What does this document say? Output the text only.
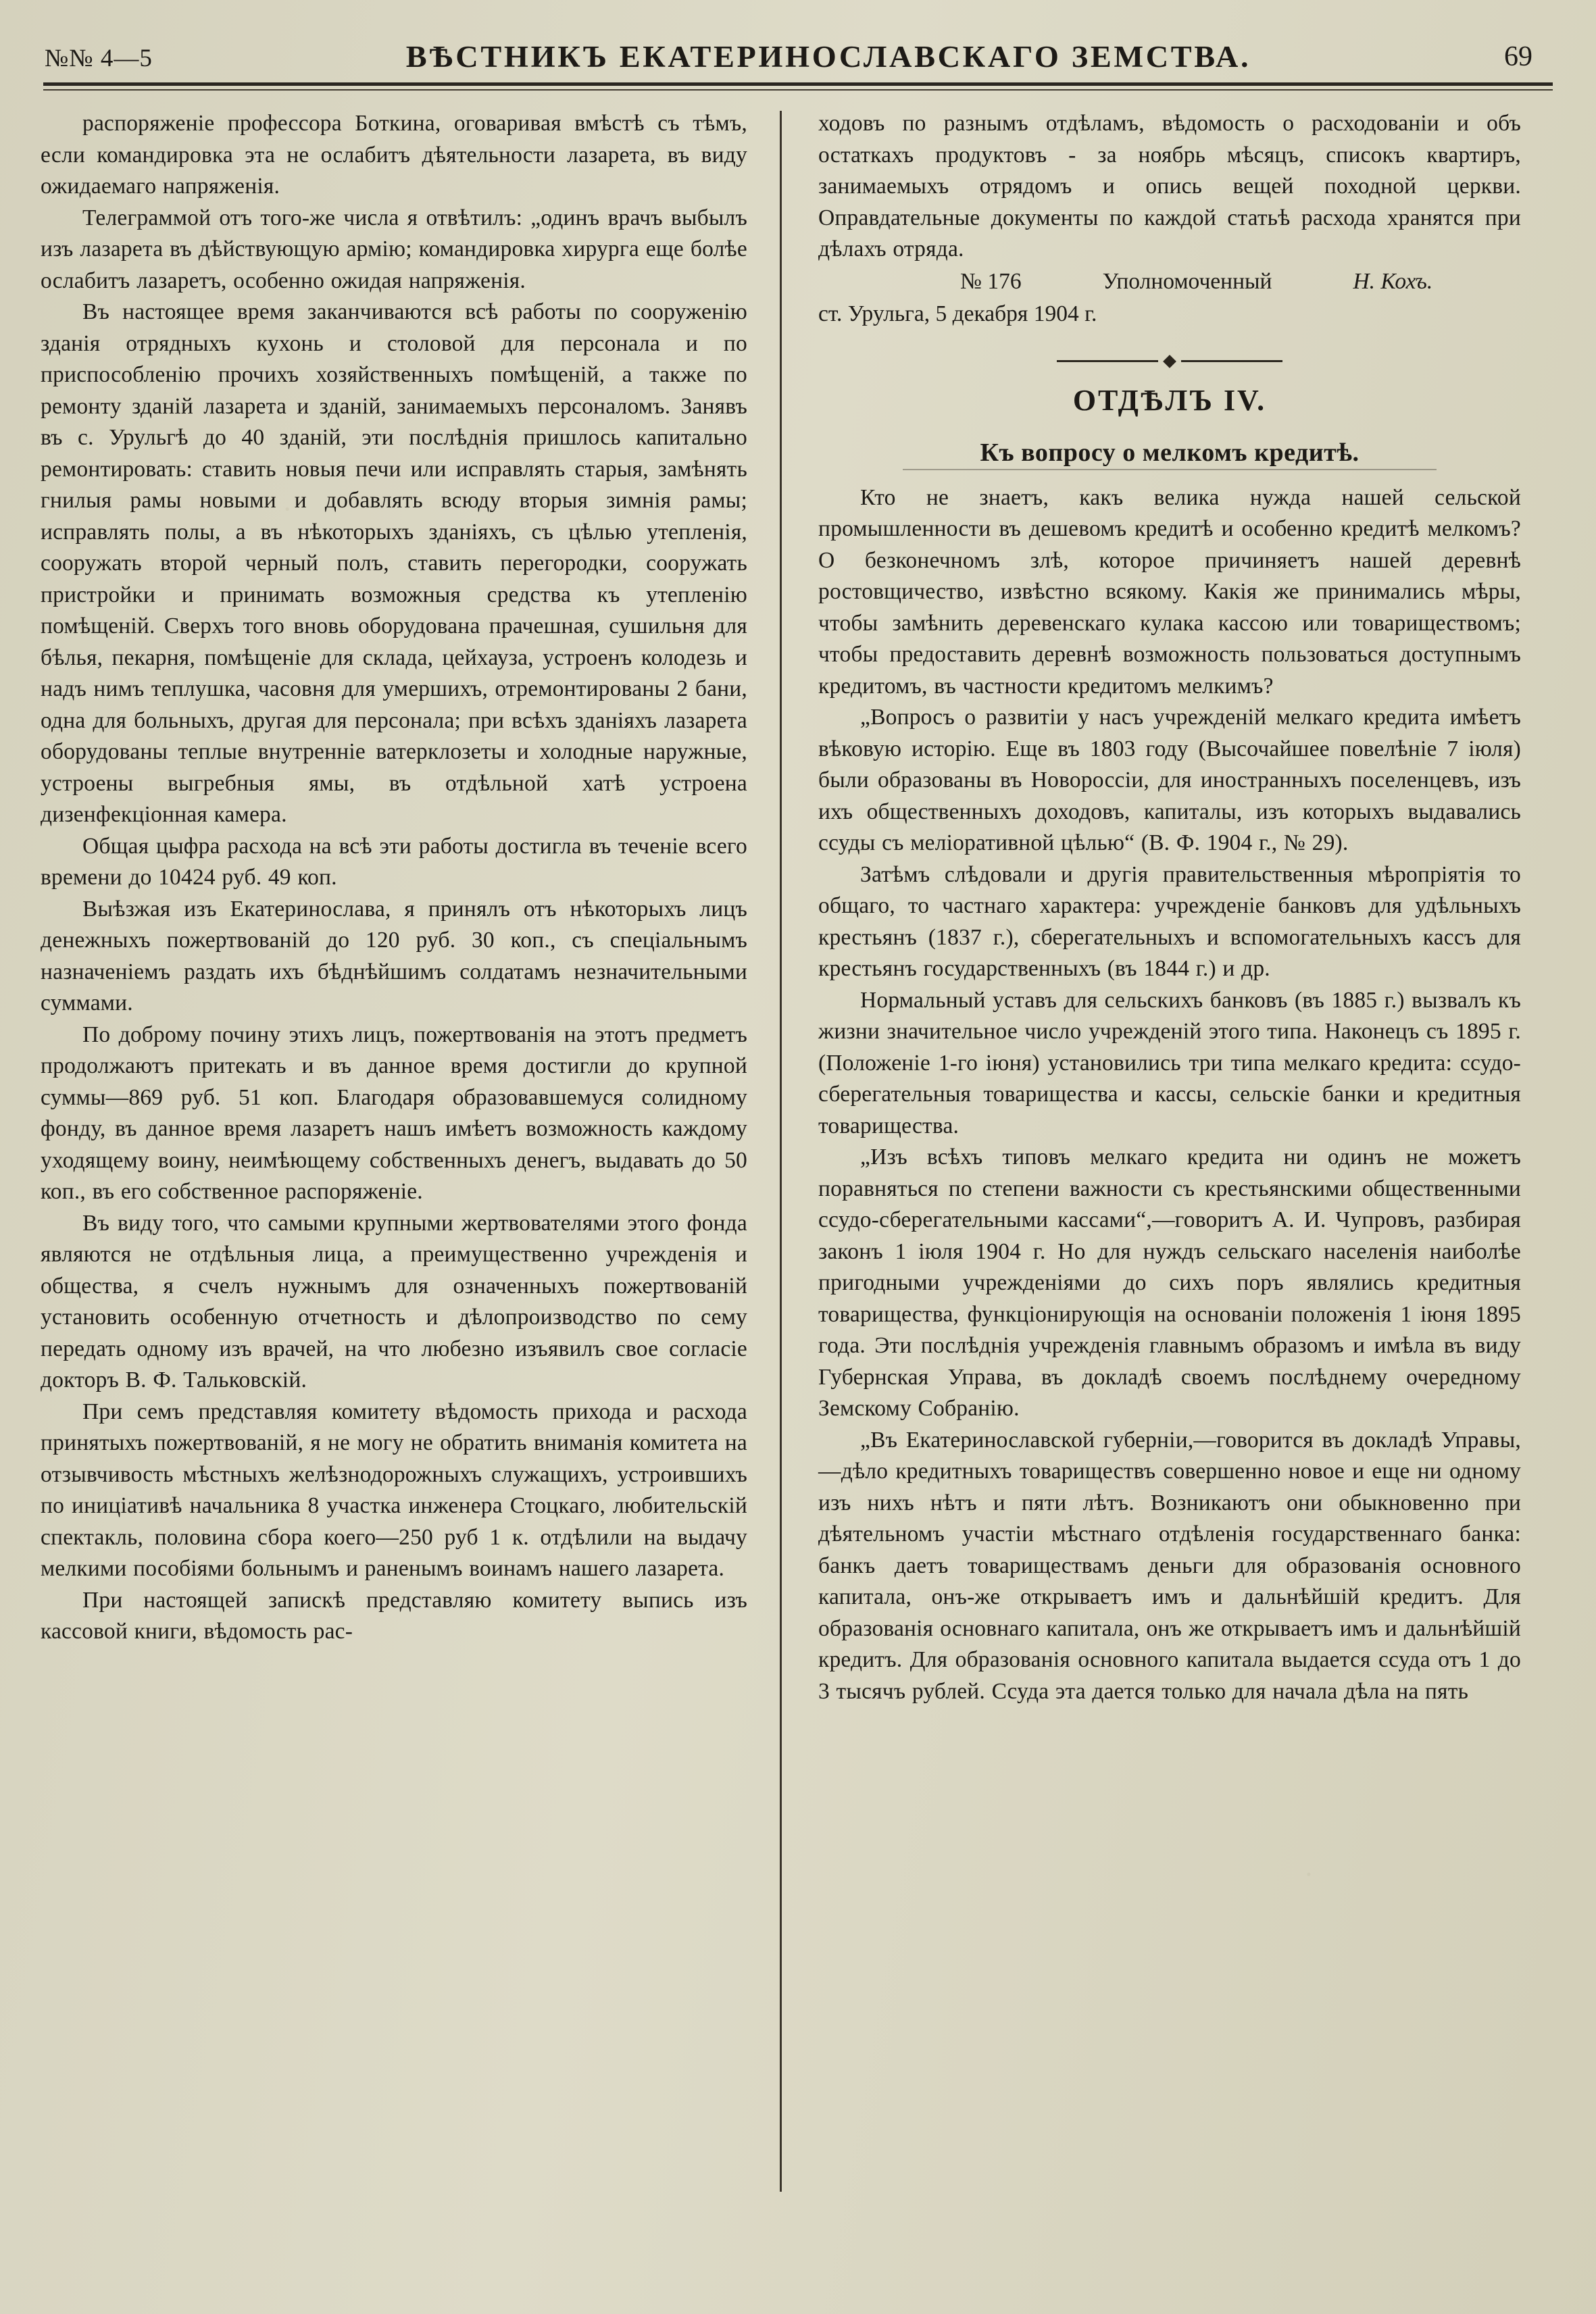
№№ 4—5	ВѢСТНИКЪ ЕКАТЕРИНОСЛАВСКАГО ЗЕМСТВА.	69

распоряженіе профессора Боткина, оговаривая вмѣстѣ съ тѣмъ, если командировка эта не ослабитъ дѣятельности лазарета, въ виду ожидаемаго напряженія.

Телеграммой отъ того-же числа я отвѣтилъ: „одинъ врачъ выбылъ изъ лазарета въ дѣйствующую армію; командировка хирурга еще болѣе ослабитъ лазаретъ, особенно ожидая напряженія.

Въ настоящее время заканчиваются всѣ работы по сооруженію зданія отрядныхъ кухонь и столовой для персонала и по приспособленію прочихъ хозяйственныхъ помѣщеній, а также по ремонту зданій лазарета и зданій, занимаемыхъ персоналомъ. Занявъ въ с. Урульгѣ до 40 зданій, эти послѣднія пришлось капитально ремонтировать: ставить новыя печи или исправлять старыя, замѣнять гнилыя рамы новыми и добавлять всюду вторыя зимнія рамы; исправлять полы, а въ нѣкоторыхъ зданіяхъ, съ цѣлью утепленія, сооружать второй черный полъ, ставить перегородки, сооружать пристройки и принимать возможныя средства къ утепленію помѣщеній. Сверхъ того вновь оборудована прачешная, сушильня для бѣлья, пекарня, помѣщеніе для склада, цейхауза, устроенъ колодезь и надъ нимъ теплушка, часовня для умершихъ, отремонтированы 2 бани, одна для больныхъ, другая для персонала; при всѣхъ зданіяхъ лазарета оборудованы теплые внутренніе ватерклозеты и холодные наружные, устроены выгребныя ямы, въ отдѣльной хатѣ устроена дизенфекціонная камера.

Общая цыфра расхода на всѣ эти работы достигла въ теченіе всего времени до 10424 руб. 49 коп.

Выѣзжая изъ Екатеринослава, я принялъ отъ нѣкоторыхъ лицъ денежныхъ пожертвованій до 120 руб. 30 коп., съ спеціальнымъ назначеніемъ раздать ихъ бѣднѣйшимъ солдатамъ незначительными суммами.

По доброму почину этихъ лицъ, пожертвованія на этотъ предметъ продолжаютъ притекать и въ данное время достигли до крупной суммы—869 руб. 51 коп. Благодаря образовавшемуся солидному фонду, въ данное время лазаретъ нашъ имѣетъ возможность каждому уходящему воину, неимѣющему собственныхъ денегъ, выдавать до 50 коп., въ его собственное распоряженіе.

Въ виду того, что самыми крупными жертвователями этого фонда являются не отдѣльныя лица, а преимущественно учрежденія и общества, я счелъ нужнымъ для означенныхъ пожертвованій установить особенную отчетность и дѣлопроизводство по сему передать одному изъ врачей, на что любезно изъявилъ свое согласіе докторъ В. Ф. Тальковскій.

При семъ представляя комитету вѣдомость прихода и расхода принятыхъ пожертвованій, я не могу не обратить вниманія комитета на отзывчивость мѣстныхъ желѣзнодорожныхъ служащихъ, устроившихъ по иниціативѣ начальника 8 участка инженера Стоцкаго, любительскій спектакль, половина сбора коего—250 руб 1 к. отдѣлили на выдачу мелкими пособіями больнымъ и раненымъ воинамъ нашего лазарета.

При настоящей запискѣ представляю комитету выпись изъ кассовой книги, вѣдомость рас-

ходовъ по разнымъ отдѣламъ, вѣдомость о расходованіи и объ остаткахъ продуктовъ - за ноябрь мѣсяцъ, списокъ квартиръ, занимаемыхъ отрядомъ и опись вещей походной церкви. Оправдательные документы по каждой статьѣ расхода хранятся при дѣлахъ отряда.

№ 176	Уполномоченный	Н. Кохъ.

ст. Урульга, 5 декабря 1904 г.

ОТДѢЛЪ IV.
Къ вопросу о мелкомъ кредитѣ.

Кто не знаетъ, какъ велика нужда нашей сельской промышленности въ дешевомъ кредитѣ и особенно кредитѣ мелкомъ? О безконечномъ злѣ, которое причиняетъ нашей деревнѣ ростовщичество, извѣстно всякому. Какія же принимались мѣры, чтобы замѣнить деревенскаго кулака кассою или товариществомъ; чтобы предоставить деревнѣ возможность пользоваться доступнымъ кредитомъ, въ частности кредитомъ мелкимъ?

„Вопросъ о развитіи у насъ учрежденій мелкаго кредита имѣетъ вѣковую исторію. Еще въ 1803 году (Высочайшее повелѣніе 7 іюля) были образованы въ Новороссіи, для иностранныхъ поселенцевъ, изъ ихъ общественныхъ доходовъ, капиталы, изъ которыхъ выдавались ссуды съ меліоративной цѣлью“ (В. Ф. 1904 г., № 29).

Затѣмъ слѣдовали и другія правительственныя мѣропріятія то общаго, то частнаго характера: учрежденіе банковъ для удѣльныхъ крестьянъ (1837 г.), сберегательныхъ и вспомогательныхъ кассъ для крестьянъ государственныхъ (въ 1844 г.) и др.

Нормальный уставъ для сельскихъ банковъ (въ 1885 г.) вызвалъ къ жизни значительное число учрежденій этого типа. Наконецъ съ 1895 г. (Положеніе 1-го іюня) установились три типа мелкаго кредита: ссудо-сберегательныя товарищества и кассы, сельскіе банки и кредитныя товарищества.

„Изъ всѣхъ типовъ мелкаго кредита ни одинъ не можетъ поравняться по степени важности съ крестьянскими общественными ссудо-сберегательными кассами“,—говоритъ А. И. Чупровъ, разбирая законъ 1 іюля 1904 г. Но для нуждъ сельскаго населенія наиболѣе пригодными учрежденіями до сихъ поръ являлись кредитныя товарищества, функціонирующія на основаніи положенія 1 іюня 1895 года. Эти послѣднія учрежденія главнымъ образомъ и имѣла въ виду Губернская Управа, въ докладѣ своемъ послѣднему очередному Земскому Собранію.

„Въ Екатеринославской губерніи,—говорится въ докладѣ Управы,—дѣло кредитныхъ товариществъ совершенно новое и еще ни одному изъ нихъ нѣтъ и пяти лѣтъ. Возникаютъ они обыкновенно при дѣятельномъ участіи мѣстнаго отдѣленія государственнаго банка: банкъ даетъ товариществамъ деньги для образованія основного капитала, онъ-же открываетъ имъ и дальнѣйшій кредитъ. Для образованія основнаго капитала, онъ же открываетъ имъ и дальнѣйшій кредитъ. Для образованія основного капитала выдается ссуда отъ 1 до 3 тысячъ рублей. Ссуда эта дается только для начала дѣла на пять
